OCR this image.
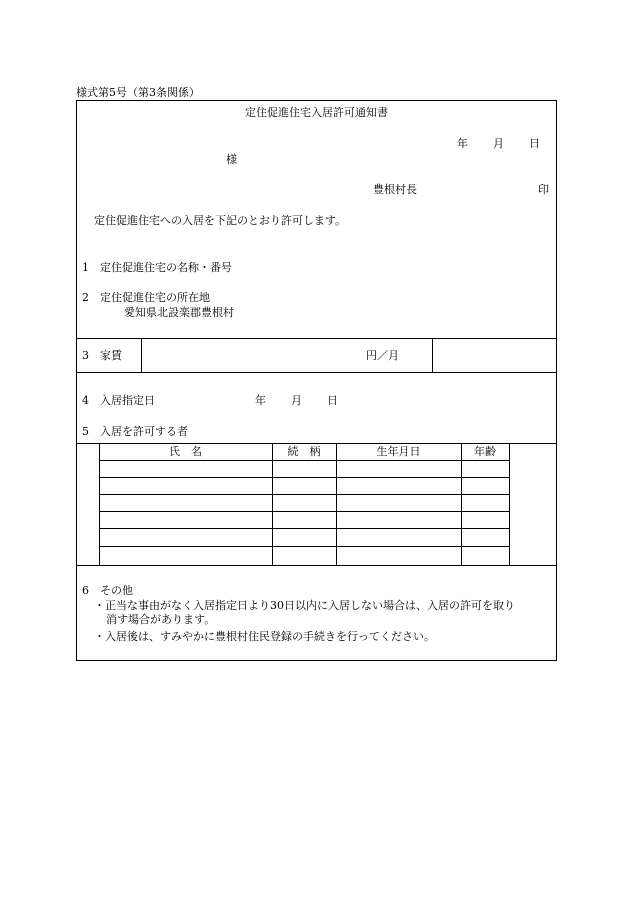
様式第5号（第3条関係）
定住促進住宅入居許可通知書
年 月 日
様
豊根村長	印
定住促進住宅への入居を下記のとおり許可します。
1 定住促進住宅の名称・番号
2 定住促進住宅の所在地
愛知県北設楽郡豊根村
3 家賃	円／月
4 入居指定日	年 月 日
5 入居を許可する者
氏　名	続　柄	生年月日	年齢
6 その他
・正当な事由がなく入居指定日より30日以内に入居しない場合は、入居の許可を取り
消す場合があります。
・入居後は、すみやかに豊根村住民登録の手続きを行ってください。
